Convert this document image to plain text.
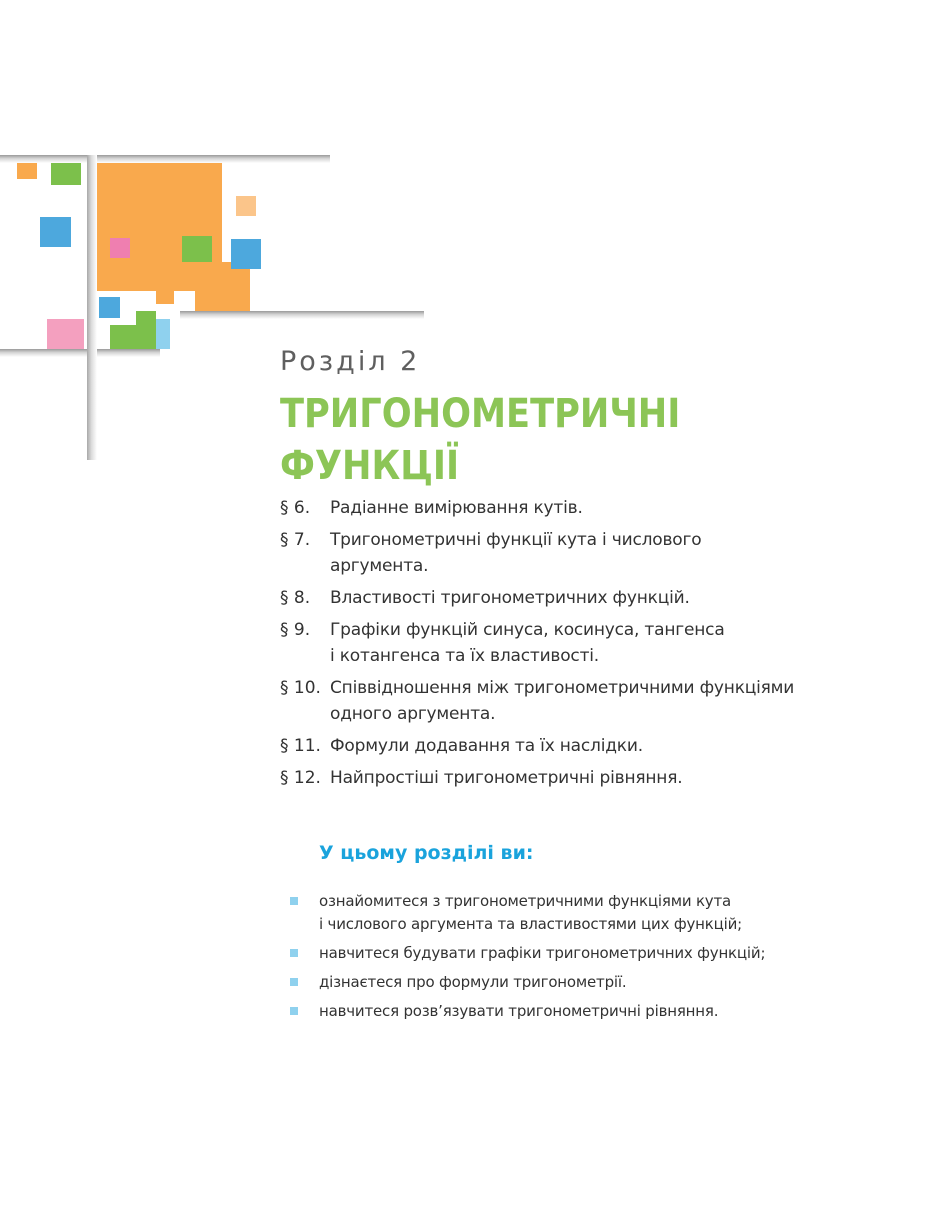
Розділ 2
ТРИГОНОМЕТРИЧНІ
ФУНКЦІЇ
§ 6.	Радіанне вимірювання кутів.
§ 7.	Тригонометричні функції кута і числового
аргумента.
§ 8.	Властивості тригонометричних функцій.
§ 9.	Графіки функцій синуса, косинуса, тангенса
і котангенса та їх властивості.
§ 10. Співвідношення між тригонометричними функціями
одного аргумента.
§ 11. Формули додавання та їх наслідки.
§ 12. Найпростіші тригонометричні рівняння.
У цьому розділі ви:
ознайомитеся з тригонометричними функціями кута
і числового аргумента та властивостями цих функцій;
навчитеся будувати графіки тригонометричних функцій;
дізнаєтеся про формули тригонометрії.
навчитеся розв’язувати тригонометричні рівняння.
